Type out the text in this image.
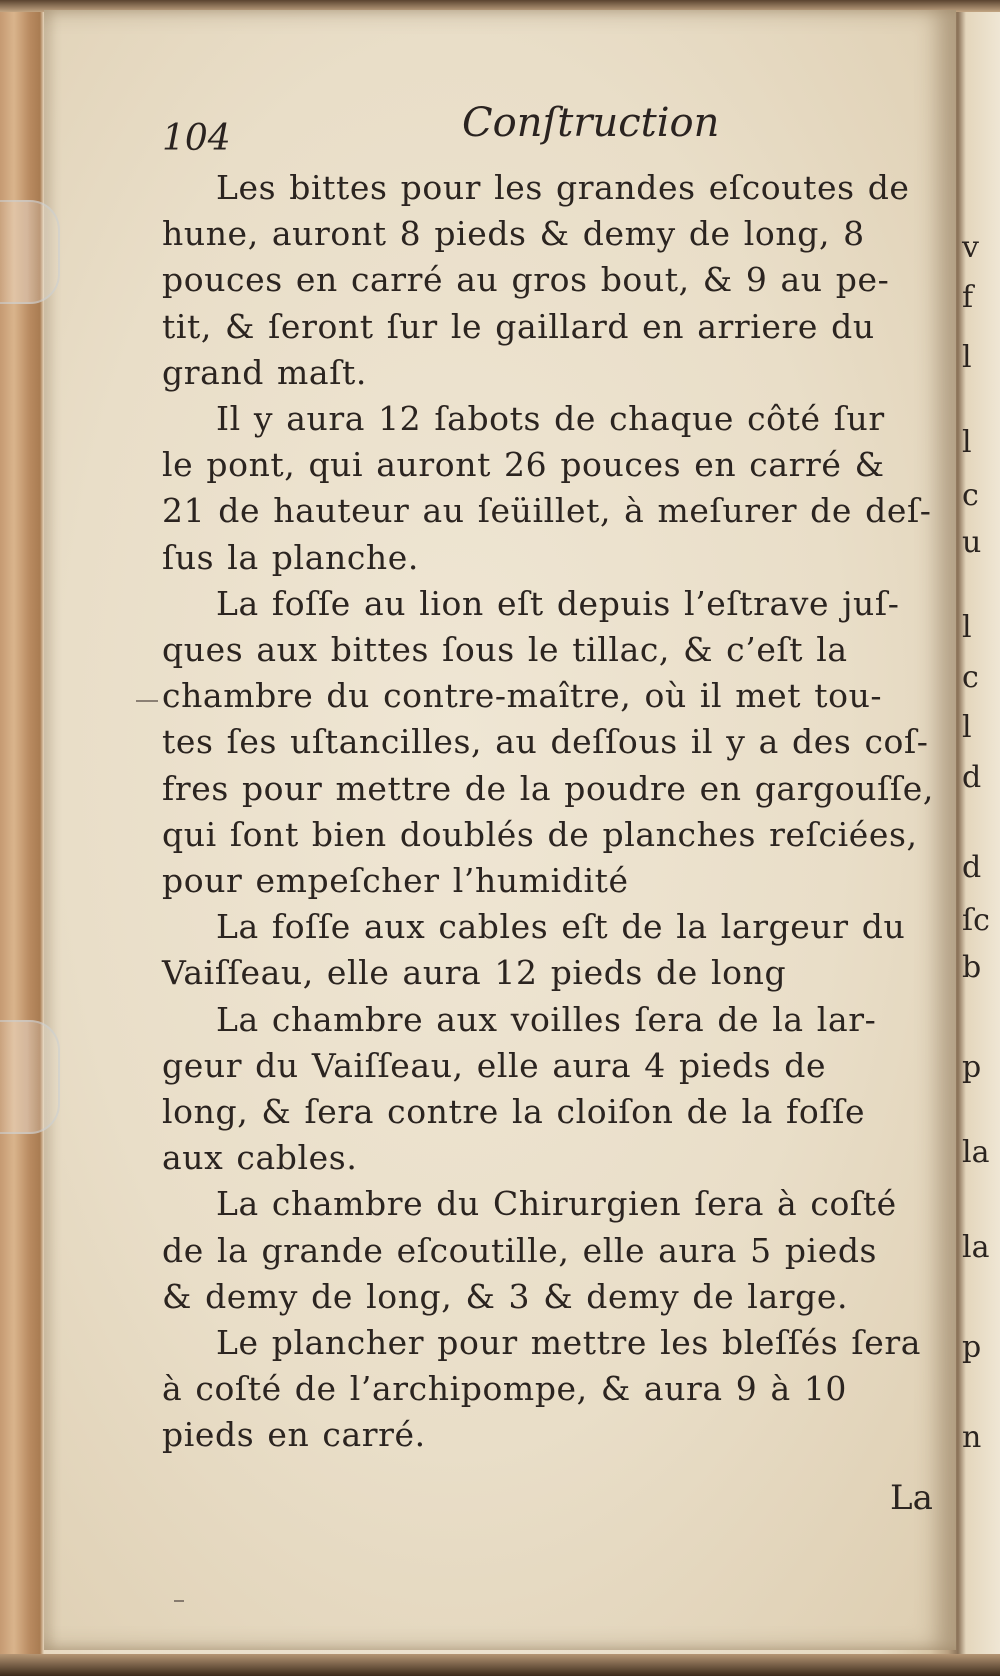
104	Conſtruction

Les bittes pour les grandes eſcoutes de
hune, auront 8 pieds & demy de long, 8
pouces en carré au gros bout, & 9 au pe-
tit, & ſeront ſur le gaillard en arriere du
grand maſt.

Il y aura 12 ſabots de chaque côté ſur
le pont, qui auront 26 pouces en carré &
21 de hauteur au ſeüillet, à meſurer de deſ-
ſus la planche.

La foſſe au lion eſt depuis l’eſtrave juſ-
ques aux bittes ſous le tillac, & c’eſt la
chambre du contre-maître, où il met tou-
tes ſes uſtancilles, au deſſous il y a des coſ-
fres pour mettre de la poudre en gargouſſe,
qui ſont bien doublés de planches reſciées,
pour empeſcher l’humidité

La foſſe aux cables eſt de la largeur du
Vaiſſeau, elle aura 12 pieds de long

La chambre aux voilles ſera de la lar-
geur du Vaiſſeau, elle aura 4 pieds de
long, & ſera contre la cloiſon de la foſſe
aux cables.

La chambre du Chirurgien ſera à coſté
de la grande eſcoutille, elle aura 5 pieds
& demy de long, & 3 & demy de large.

Le plancher pour mettre les bleſſés ſera
à coſté de l’archipompe, & aura 9 à 10
pieds en carré.

La
v
f
l
l
c
u
l
c
l
d
d
ſc
b
p
la
la
p
n
